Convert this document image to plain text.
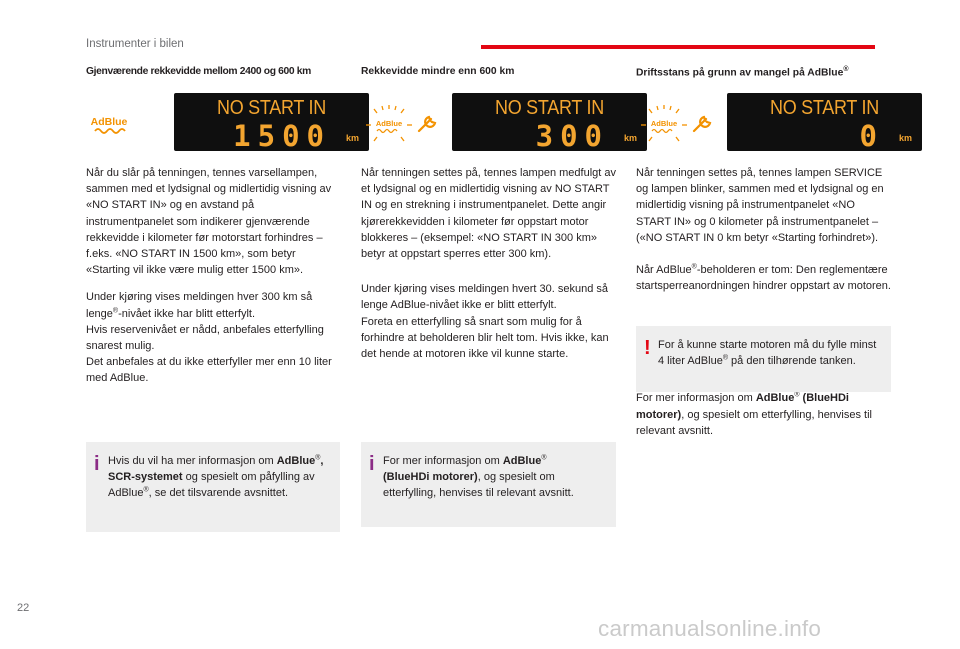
Instrumenter i bilen
Gjenværende rekkevidde mellom 2400 og 600 km
AdBlue
NO START IN
1500 km

Når du slår på tenningen, tennes varsellampen, sammen med et lydsignal og midlertidig visning av «NO START IN» og en avstand på instrumentpanelet som indikerer gjenværende rekkevidde i kilometer før motorstart forhindres – f.eks. «NO START IN 1500 km», som betyr «Starting vil ikke være mulig etter 1500 km».

Under kjøring vises meldingen hver 300 km så lenge®-nivået ikke har blitt etterfylt.
Hvis reservenivået er nådd, anbefales etterfylling snarest mulig.
Det anbefales at du ikke etterfyller mer enn 10 liter med AdBlue.

i Hvis du vil ha mer informasjon om AdBlue®, SCR-systemet og spesielt om påfylling av AdBlue®, se det tilsvarende avsnittet.
Rekkevidde mindre enn 600 km
AdBlue
NO START IN
300 km

Når tenningen settes på, tennes lampen medfulgt av et lydsignal og en midlertidig visning av NO START IN og en strekning i instrumentpanelet. Dette angir kjørerekkevidden i kilometer før oppstart motor blokkeres – (eksempel: «NO START IN 300 km» betyr at oppstart sperres etter 300 km).

Under kjøring vises meldingen hvert 30. sekund så lenge AdBlue-nivået ikke er blitt etterfylt.
Foreta en etterfylling så snart som mulig for å forhindre at beholderen blir helt tom. Hvis ikke, kan det hende at motoren ikke vil kunne starte.

i For mer informasjon om AdBlue®
(BlueHDi motorer), og spesielt om etterfylling, henvises til relevant avsnitt.
Driftsstans på grunn av mangel på AdBlue®
AdBlue
NO START IN
0 km

Når tenningen settes på, tennes lampen SERVICE og lampen blinker, sammen med et lydsignal og en midlertidig visning på instrumentpanelet «NO START IN» og 0 kilometer på instrumentpanelet – («NO START IN 0 km betyr «Starting forhindret»).

Når AdBlue®-beholderen er tom: Den reglementære startsperreanordningen hindrer oppstart av motoren.

For mer informasjon om AdBlue® (BlueHDi motorer), og spesielt om etterfylling, henvises til relevant avsnitt.

! For å kunne starte motoren må du fylle minst 4 liter AdBlue® på den tilhørende tanken.
22
carmanualsonline.info
